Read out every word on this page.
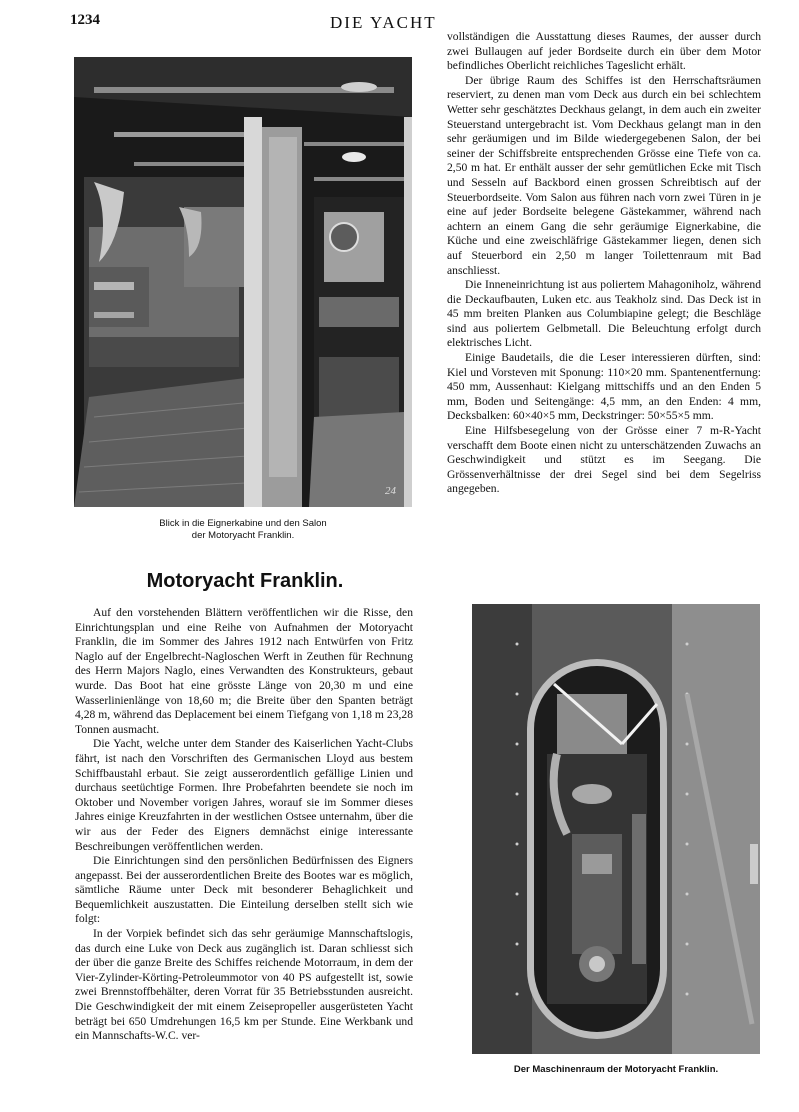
1234	DIE YACHT
24
Blick in die Eignerkabine und den Salon
der Motoryacht Franklin.
Motoryacht Franklin.

Auf den vorstehenden Blättern veröffentlichen wir die Risse, den Einrichtungsplan und eine Reihe von Aufnahmen der Motoryacht Franklin, die im Sommer des Jahres 1912 nach Entwürfen von Fritz Naglo auf der Engelbrecht-Nagloschen Werft in Zeuthen für Rechnung des Herrn Majors Naglo, eines Verwandten des Konstrukteurs, gebaut wurde. Das Boot hat eine grösste Länge von 20,30 m und eine Wasserlinienlänge von 18,60 m; die Breite über den Spanten beträgt 4,28 m, während das Deplacement bei einem Tiefgang von 1,18 m 23,28 Tonnen ausmacht.

Die Yacht, welche unter dem Stander des Kaiserlichen Yacht-Clubs fährt, ist nach den Vorschriften des Germanischen Lloyd aus bestem Schiffbaustahl erbaut. Sie zeigt ausserordentlich gefällige Linien und durchaus seetüchtige Formen. Ihre Probefahrten beendete sie noch im Oktober und November vorigen Jahres, worauf sie im Sommer dieses Jahres einige Kreuzfahrten in der westlichen Ostsee unternahm, über die wir aus der Feder des Eigners demnächst einige interessante Beschreibungen veröffentlichen werden.

Die Einrichtungen sind den persönlichen Bedürfnissen des Eigners angepasst. Bei der ausserordentlichen Breite des Bootes war es möglich, sämtliche Räume unter Deck mit besonderer Behaglichkeit und Bequemlichkeit auszustatten. Die Einteilung derselben stellt sich wie folgt:

In der Vorpiek befindet sich das sehr geräumige Mannschaftslogis, das durch eine Luke von Deck aus zugänglich ist. Daran schliesst sich der über die ganze Breite des Schiffes reichende Motorraum, in dem der Vier-Zylinder-Körting-Petroleummotor von 40 PS aufgestellt ist, sowie zwei Brennstoffbehälter, deren Vorrat für 35 Betriebsstunden ausreicht. Die Geschwindigkeit der mit einem Zeisepropeller ausgerüsteten Yacht beträgt bei 650 Umdrehungen 16,5 km per Stunde. Eine Werkbank und ein Mannschafts-W.C. ver-

vollständigen die Ausstattung dieses Raumes, der ausser durch zwei Bullaugen auf jeder Bordseite durch ein über dem Motor befindliches Oberlicht reichliches Tageslicht erhält.

Der übrige Raum des Schiffes ist den Herrschaftsräumen reserviert, zu denen man vom Deck aus durch ein bei schlechtem Wetter sehr geschätztes Deckhaus gelangt, in dem auch ein zweiter Steuerstand untergebracht ist. Vom Deckhaus gelangt man in den sehr geräumigen und im Bilde wiedergegebenen Salon, der bei seiner der Schiffsbreite entsprechenden Grösse eine Tiefe von ca. 2,50 m hat. Er enthält ausser der sehr gemütlichen Ecke mit Tisch und Sesseln auf Backbord einen grossen Schreibtisch auf der Steuerbordseite. Vom Salon aus führen nach vorn zwei Türen in je eine auf jeder Bordseite belegene Gästekammer, während nach achtern an einem Gang die sehr geräumige Eignerkabine, die Küche und eine zweischläfrige Gästekammer liegen, denen sich auf Steuerbord ein 2,50 m langer Toilettenraum mit Bad anschliesst.

Die Inneneinrichtung ist aus poliertem Mahagoniholz, während die Deckaufbauten, Luken etc. aus Teakholz sind. Das Deck ist in 45 mm breiten Planken aus Columbiapine gelegt; die Beschläge sind aus poliertem Gelbmetall. Die Beleuchtung erfolgt durch elektrisches Licht.

Einige Baudetails, die die Leser interessieren dürften, sind: Kiel und Vorsteven mit Sponung: 110×20 mm. Spantenentfernung: 450 mm, Aussenhaut: Kielgang mittschiffs und an den Enden 5 mm, Boden und Seitengänge: 4,5 mm, an den Enden: 4 mm, Decksbalken: 60×40×5 mm, Deckstringer: 50×55×5 mm.

Eine Hilfsbesegelung von der Grösse einer 7 m-R-Yacht verschafft dem Boote einen nicht zu unterschätzenden Zuwachs an Geschwindigkeit und stützt es im Seegang. Die Grössenverhältnisse der drei Segel sind bei dem Segelriss angegeben.

Der Maschinenraum der Motoryacht Franklin.
